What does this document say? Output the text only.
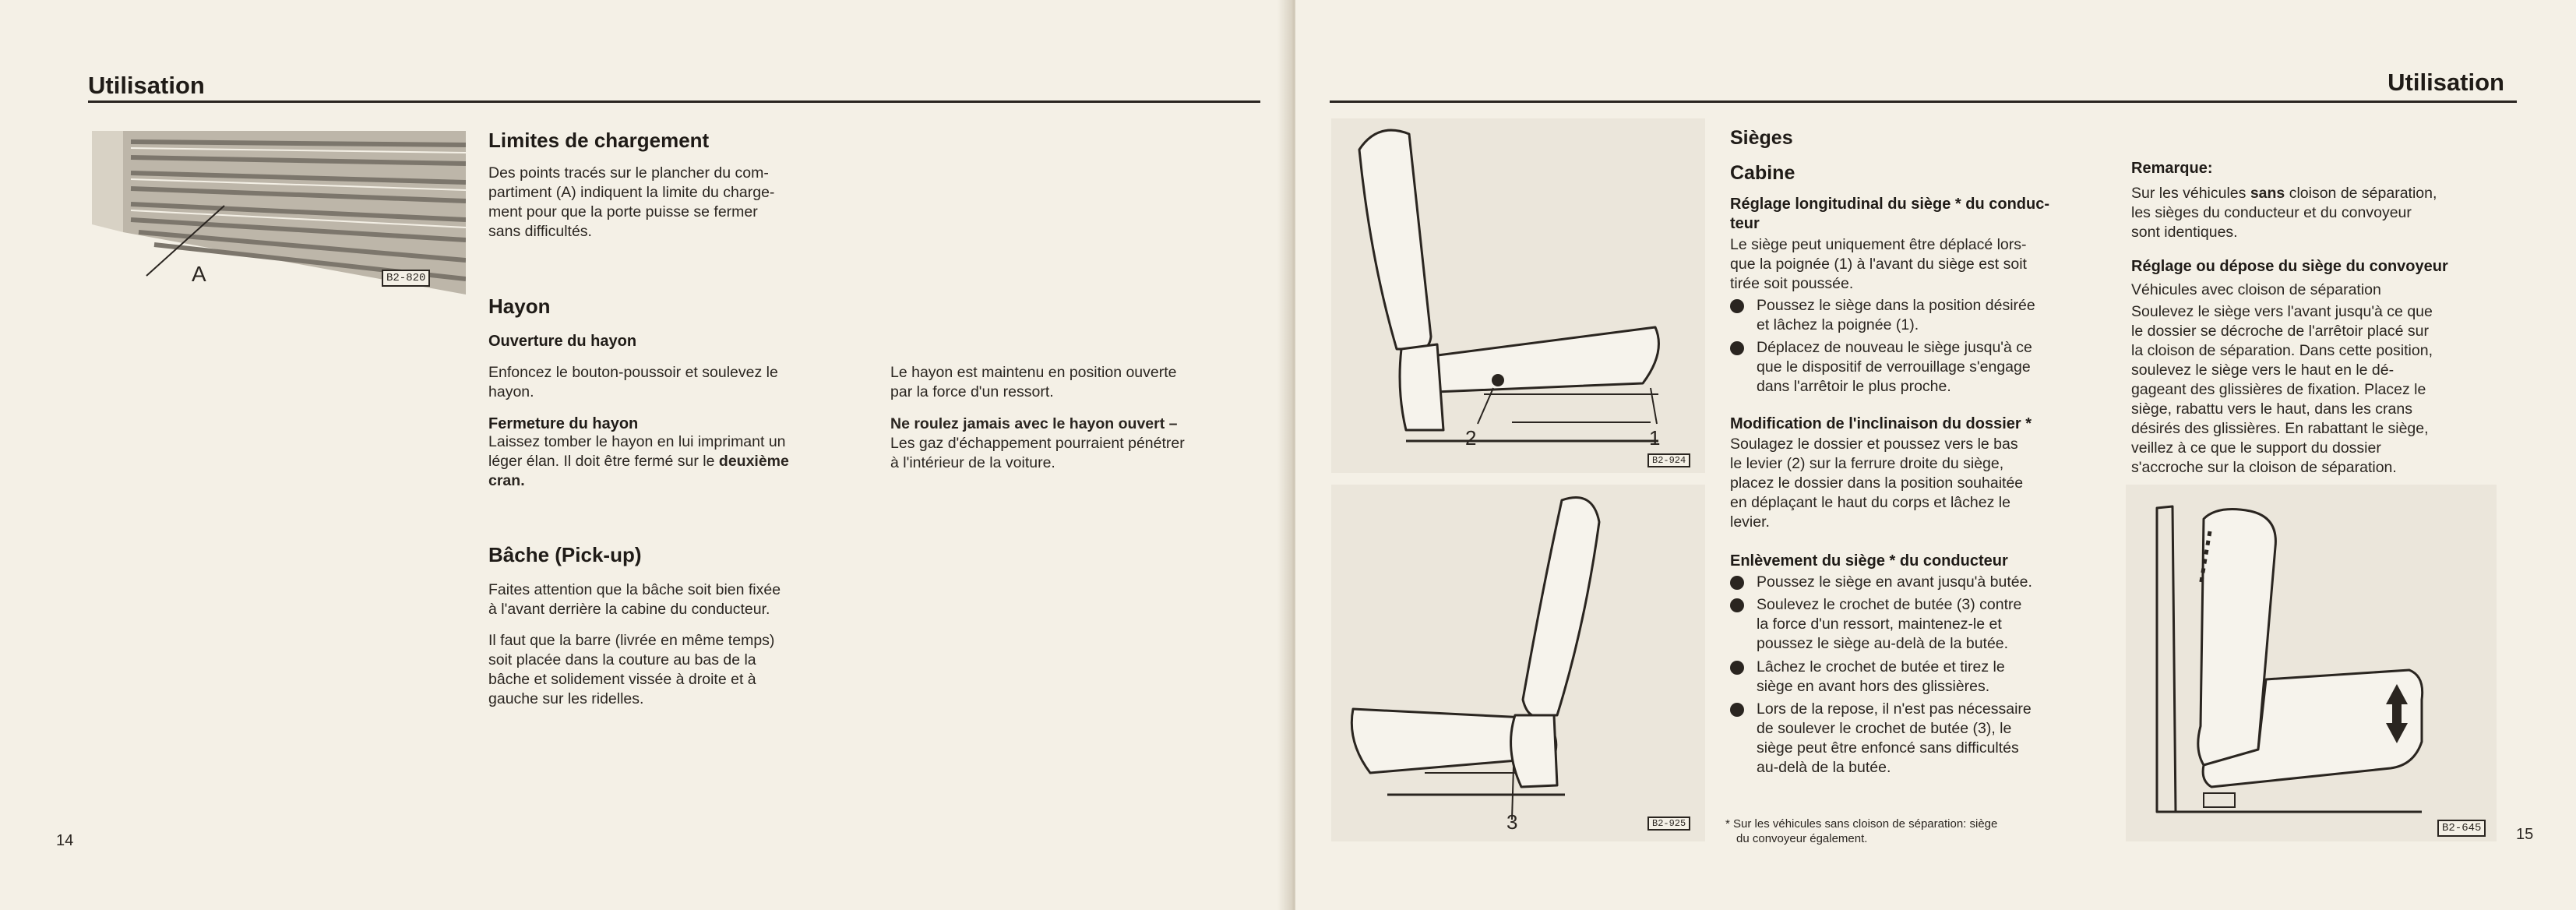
Utilisation
A	B2-820
Limites de chargement
Des points tracés sur le plancher du com-
partiment (A) indiquent la limite du charge-
ment pour que la porte puisse se fermer
sans difficultés.
Hayon
Ouverture du hayon
Enfoncez le bouton-poussoir et soulevez le
hayon.
Fermeture du hayon
Laissez tomber le hayon en lui imprimant un
léger élan. Il doit être fermé sur le deuxième
cran.
Le hayon est maintenu en position ouverte
par la force d'un ressort.
Ne roulez jamais avec le hayon ouvert –
Les gaz d'échappement pourraient pénétrer
à l'intérieur de la voiture.
Bâche (Pick-up)
Faites attention que la bâche soit bien fixée
à l'avant derrière la cabine du conducteur.
Il faut que la barre (livrée en même temps)
soit placée dans la couture au bas de la
bâche et solidement vissée à droite et à
gauche sur les ridelles.
14
Utilisation
2	1
B2-924
3	B2-925
Sièges
Cabine
Réglage longitudinal du siège * du conduc-
teur
Le siège peut uniquement être déplacé lors-
que la poignée (1) à l'avant du siège est soit
tirée soit poussée.
Poussez le siège dans la position désirée
et lâchez la poignée (1).
Déplacez de nouveau le siège jusqu'à ce
que le dispositif de verrouillage s'engage
dans l'arrêtoir le plus proche.
Modification de l'inclinaison du dossier *
Soulagez le dossier et poussez vers le bas
le levier (2) sur la ferrure droite du siège,
placez le dossier dans la position souhaitée
en déplaçant le haut du corps et lâchez le
levier.
Enlèvement du siège * du conducteur
Poussez le siège en avant jusqu'à butée.
Soulevez le crochet de butée (3) contre
la force d'un ressort, maintenez-le et
poussez le siège au-delà de la butée.
Lâchez le crochet de butée et tirez le
siège en avant hors des glissières.
Lors de la repose, il n'est pas nécessaire
de soulever le crochet de butée (3), le
siège peut être enfoncé sans difficultés
au-delà de la butée.
* Sur les véhicules sans cloison de séparation: siège
du convoyeur également.
Remarque:
Sur les véhicules sans cloison de séparation,
les sièges du conducteur et du convoyeur
sont identiques.
Réglage ou dépose du siège du convoyeur
Véhicules avec cloison de séparation
Soulevez le siège vers l'avant jusqu'à ce que
le dossier se décroche de l'arrêtoir placé sur
la cloison de séparation. Dans cette position,
soulevez le siège vers le haut en le dé-
gageant des glissières de fixation. Placez le
siège, rabattu vers le haut, dans les crans
désirés des glissières. En rabattant le siège,
veillez à ce que le support du dossier
s'accroche sur la cloison de séparation.
B2-645	15
